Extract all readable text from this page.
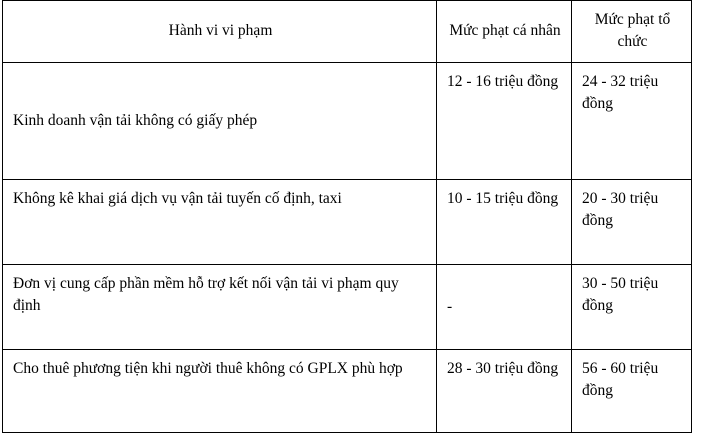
Hành vi vi phạm	Mức phạt cá nhân	Mức phạt tổ chức
Kinh doanh vận tải không có giấy phép	12 - 16 triệu đồng	24 - 32 triệu đồng
Không kê khai giá dịch vụ vận tải tuyến cố định, taxi	10 - 15 triệu đồng	20 - 30 triệu đồng
Đơn vị cung cấp phần mềm hỗ trợ kết nối vận tải vi phạm quy định	-	30 - 50 triệu đồng
Cho thuê phương tiện khi người thuê không có GPLX phù hợp	28 - 30 triệu đồng	56 - 60 triệu đồng
